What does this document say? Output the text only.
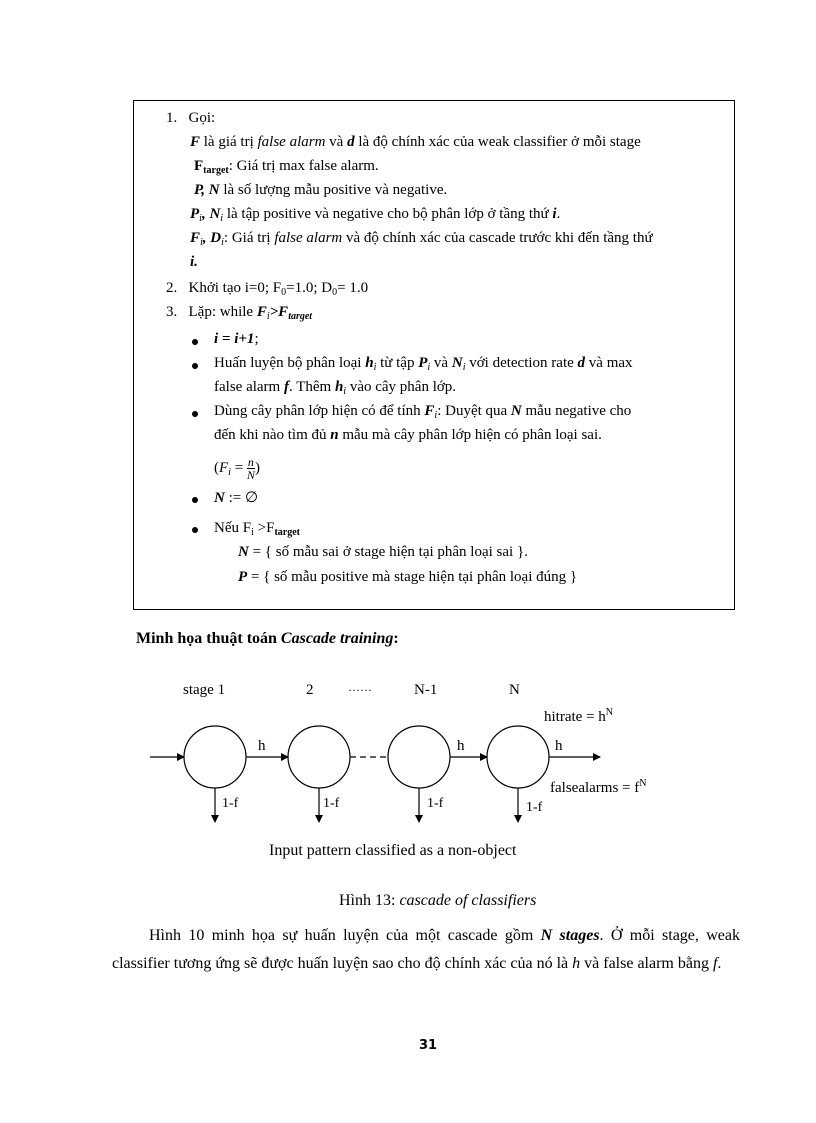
1. Gọi:
F là giá trị false alarm và d là độ chính xác của weak classifier ở mỗi stage
$F_{target}$: Giá trị max false alarm.
P, N là số lượng mẫu positive và negative.
$P_i$, $N_i$ là tập positive và negative cho bộ phân lớp ở tầng thứ i.
$F_i$, $D_i$: Giá trị false alarm và độ chính xác của cascade trước khi đến tầng thứ
i.
2. Khởi tạo i=0; $F_0=1.0$; $D_0= 1.0$
3. Lặp: while $F_i>F_{target}$
i = i+1;
Huấn luyện bộ phân loại $h_i$ từ tập $P_i$ và $N_i$ với detection rate d và max
false alarm f. Thêm $h_i$ vào cây phân lớp.
Dùng cây phân lớp hiện có để tính $F_i$: Duyệt qua N mẫu negative cho
đến khi nào tìm đủ n mẫu mà cây phân lớp hiện có phân loại sai.
($F_i = \frac{n}{N}$ )
N := ∅
Nếu $F_i >F_{target}$
N = { số mẫu sai ở stage hiện tại phân loại sai }.
P = { số mẫu positive mà stage hiện tại phân loại đúng }
Minh họa thuật toán Cascade training:
stage 1	2	……	N-1	N
h	h	h
hitrate = $h^N$
falsealarms = $f^N$
1-f	1-f	1-f	1-f
Input pattern classified as a non-object
Hình 13: cascade of classifiers
Hình 10 minh họa sự huấn luyện của một cascade gồm N stages. Ở mỗi stage, weak classifier tương ứng sẽ được huấn luyện sao cho độ chính xác của nó là h và false alarm bằng f.
31
